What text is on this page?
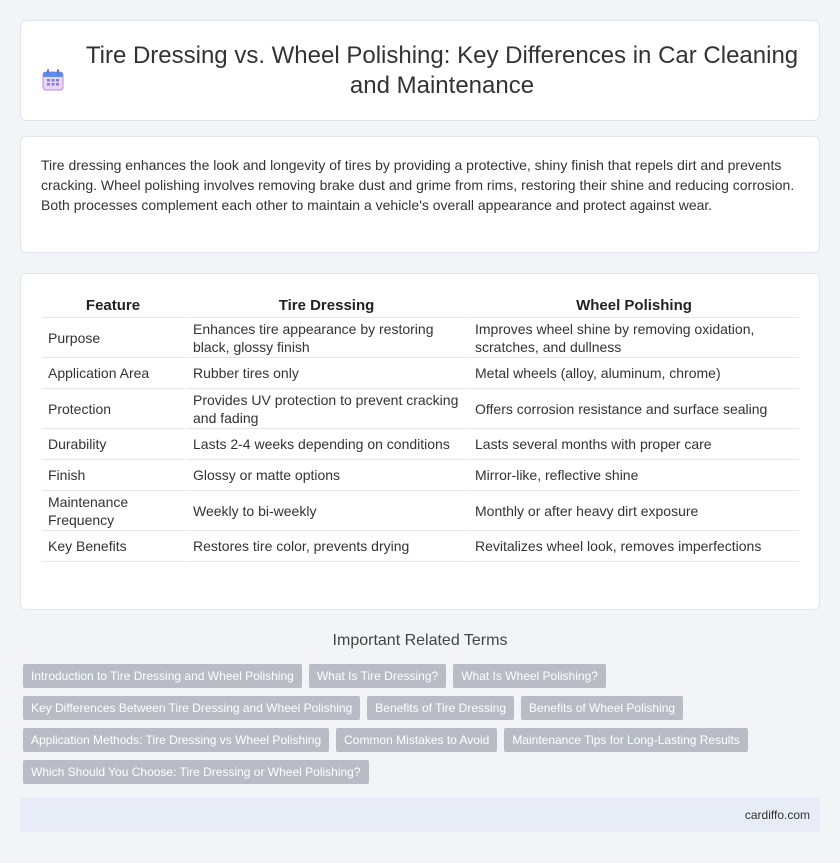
Tire Dressing vs. Wheel Polishing: Key Differences in Car Cleaning and Maintenance

Tire dressing enhances the look and longevity of tires by providing a protective, shiny finish that repels dirt and prevents cracking. Wheel polishing involves removing brake dust and grime from rims, restoring their shine and reducing corrosion. Both processes complement each other to maintain a vehicle's overall appearance and protect against wear.

Feature	Tire Dressing	Wheel Polishing
Purpose	Enhances tire appearance by restoring black, glossy finish	Improves wheel shine by removing oxidation, scratches, and dullness
Application Area	Rubber tires only	Metal wheels (alloy, aluminum, chrome)
Protection	Provides UV protection to prevent cracking and fading	Offers corrosion resistance and surface sealing
Durability	Lasts 2-4 weeks depending on conditions	Lasts several months with proper care
Finish	Glossy or matte options	Mirror-like, reflective shine
Maintenance Frequency	Weekly to bi-weekly	Monthly or after heavy dirt exposure
Key Benefits	Restores tire color, prevents drying	Revitalizes wheel look, removes imperfections
Important Related Terms
Introduction to Tire Dressing and Wheel Polishing	What Is Tire Dressing?	What Is Wheel Polishing?
Key Differences Between Tire Dressing and Wheel Polishing	Benefits of Tire Dressing	Benefits of Wheel Polishing
Application Methods: Tire Dressing vs Wheel Polishing	Common Mistakes to Avoid	Maintenance Tips for Long-Lasting Results
Which Should You Choose: Tire Dressing or Wheel Polishing?
cardiffo.com
